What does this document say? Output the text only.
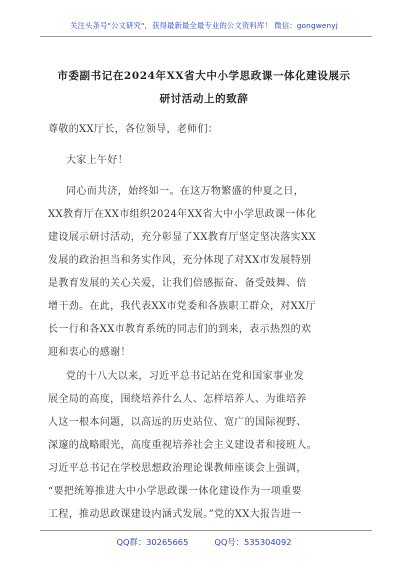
关注头条号"公文研究"，获得最新最全最专业的公文资料库！ 微信：gongwenyj
市委副书记在2024年XX省大中小学思政课一体化建设展示
研讨活动上的致辞
尊敬的XX厅长，各位领导，老师们：
大家上午好！
同心而共济，始终如一。在这万物繁盛的仲夏之日，
XX教育厅在XX市组织2024年XX省大中小学思政课一体化
建设展示研讨活动，充分彰显了XX教育厅坚定坚决落实XX
发展的政治担当和务实作风，充分体现了对XX市发展特别
是教育发展的关心关爱，让我们倍感振奋、备受鼓舞、倍
增干劲。在此，我代表XX市党委和各族职工群众，对XX厅
长一行和各XX市教育系统的同志们的到来，表示热烈的欢
迎和衷心的感谢！
党的十八大以来，习近平总书记站在党和国家事业发
展全局的高度，围绕培养什么人、怎样培养人、为谁培养
人这一根本问题，以高远的历史站位、宽广的国际视野、
深邃的战略眼光，高度重视培养社会主义建设者和接班人。
习近平总书记在学校思想政治理论课教师座谈会上强调，
“要把统筹推进大中小学思政课一体化建设作为一项重要
工程，推动思政课建设内涵式发展。”党的XX大报告进一
QQ群：30265665	QQ号：535304092
